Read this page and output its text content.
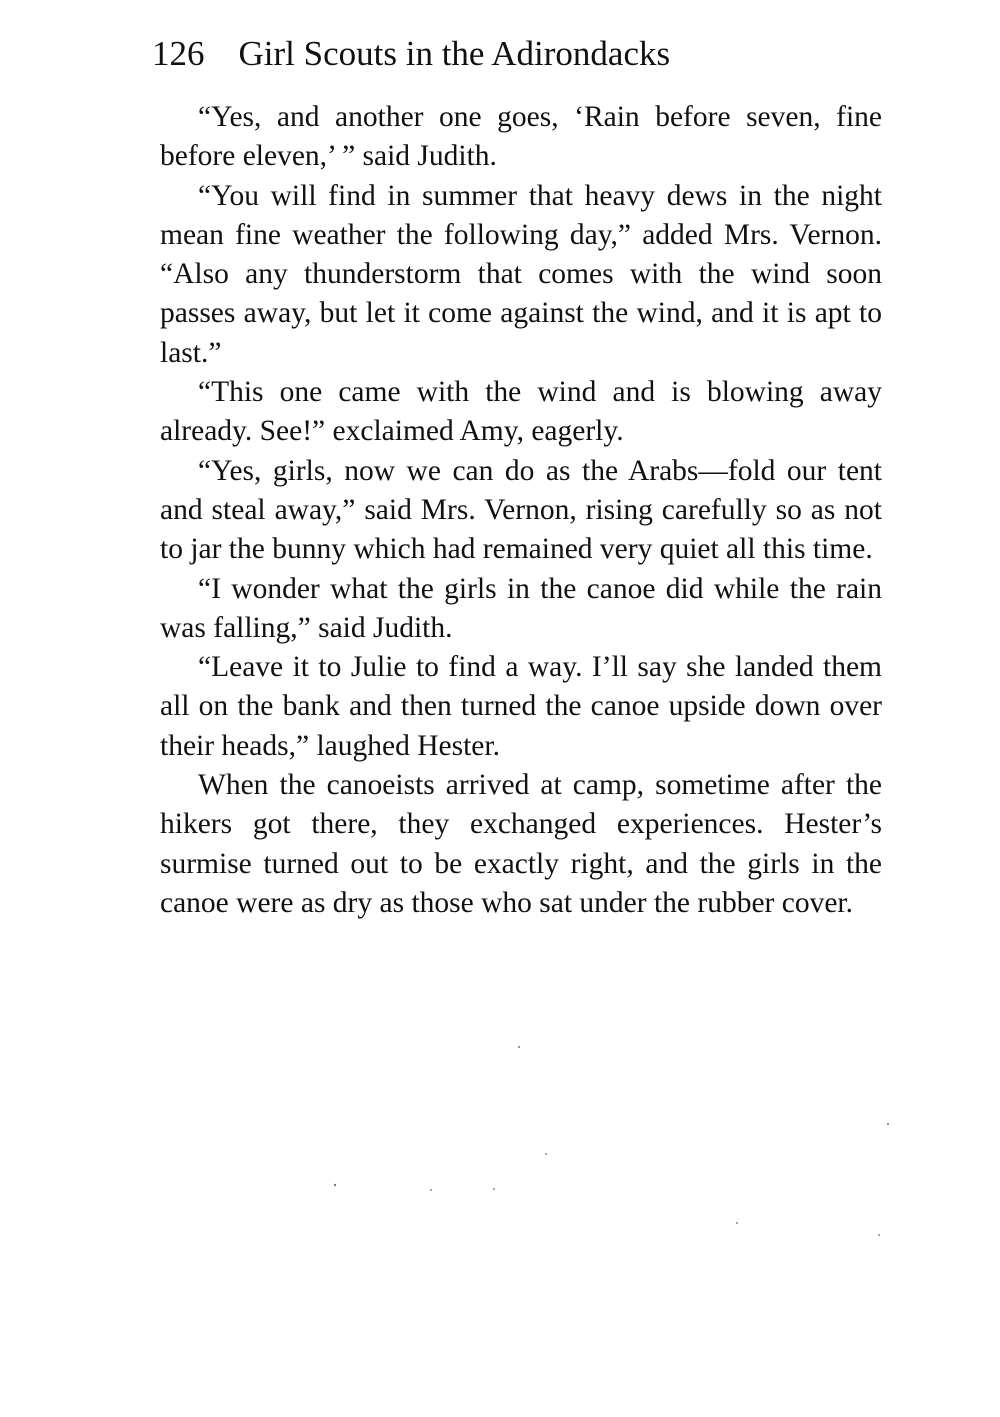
126 Girl Scouts in the Adirondacks

“Yes, and another one goes, ‘Rain before seven, fine before eleven,’ ” said Judith.

“You will find in summer that heavy dews in the night mean fine weather the following day,” added Mrs. Vernon. “Also any thunderstorm that comes with the wind soon passes away, but let it come against the wind, and it is apt to last.”

“This one came with the wind and is blowing away already. See!” exclaimed Amy, eagerly.

“Yes, girls, now we can do as the Arabs—fold our tent and steal away,” said Mrs. Vernon, rising carefully so as not to jar the bunny which had remained very quiet all this time.

“I wonder what the girls in the canoe did while the rain was falling,” said Judith.

“Leave it to Julie to find a way. I’ll say she landed them all on the bank and then turned the canoe upside down over their heads,” laughed Hester.

When the canoeists arrived at camp, sometime after the hikers got there, they exchanged experiences. Hester’s surmise turned out to be exactly right, and the girls in the canoe were as dry as those who sat under the rubber cover.
